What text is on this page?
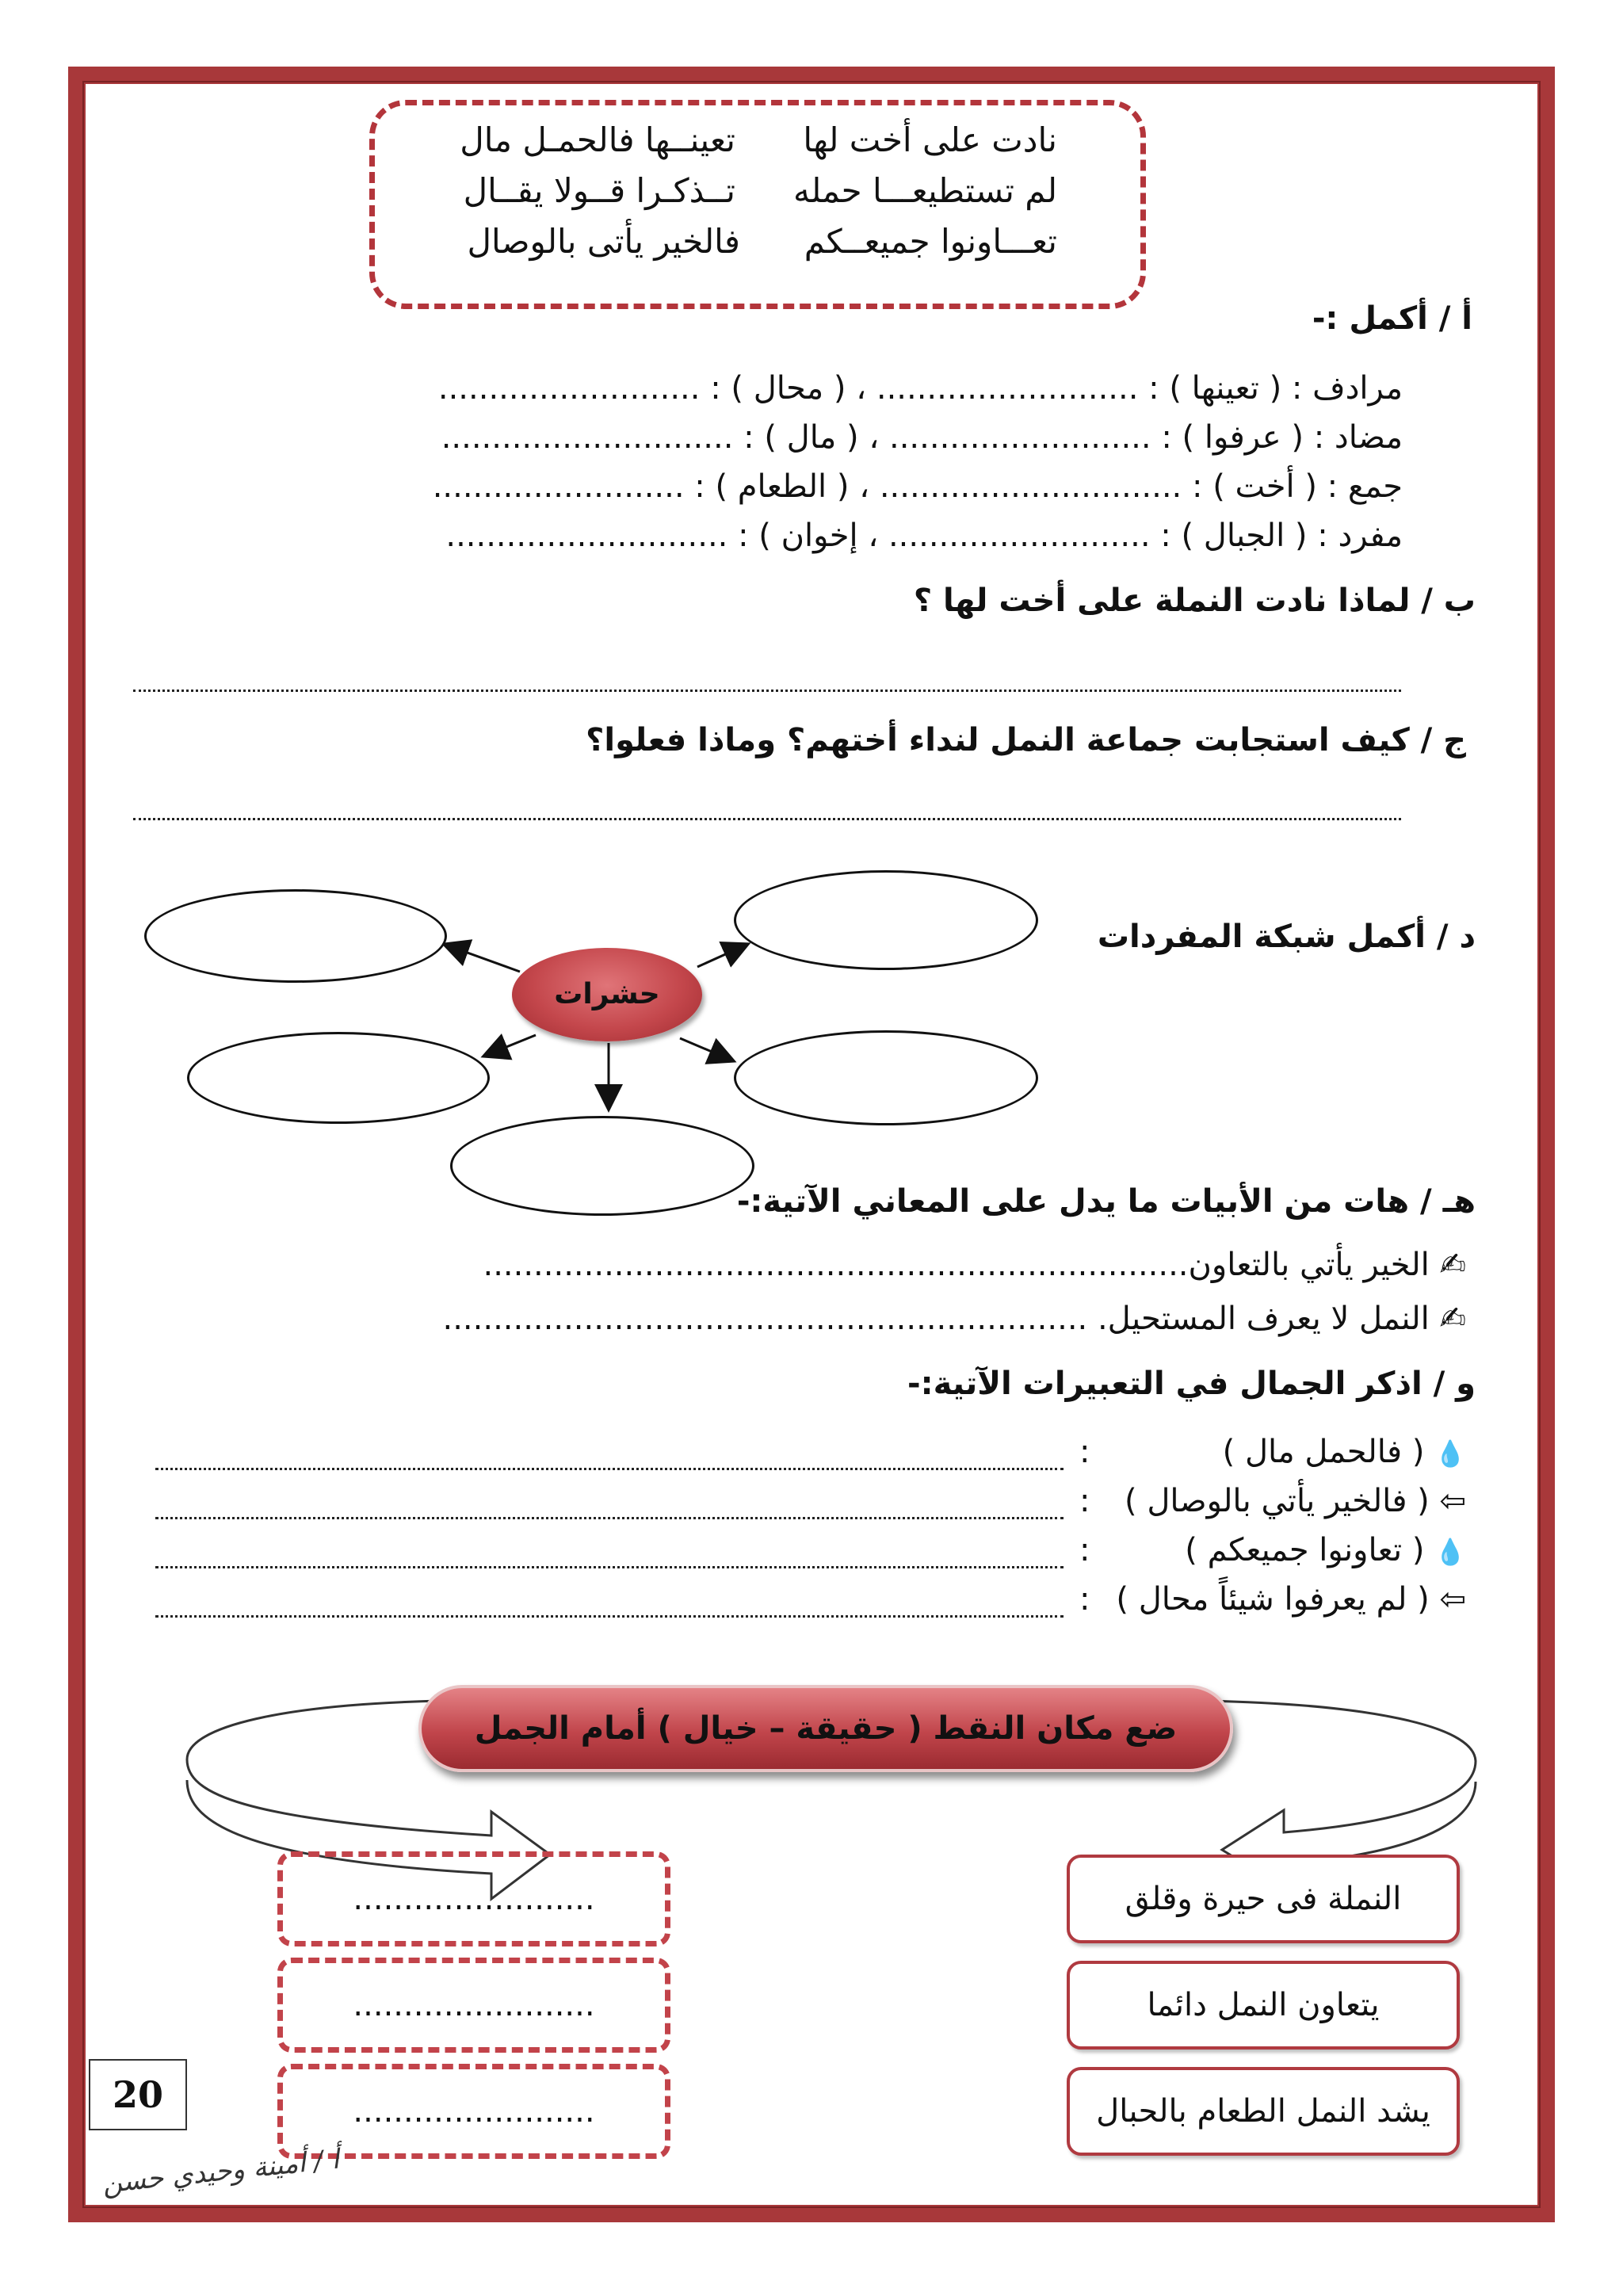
نادت على أخت لها
تعينــها فالحمـل مال
لم تستطيعـــا حمله
تــذكـرا قــولا يقــال
تعـــاونوا جميعــكم
فالخير يأتى بالوصال
أ / أكمل :-
مرادف : ( تعينها ) : .......................... ، ( محال ) : ..........................
مضاد : ( عرفوا ) : .......................... ، ( مال ) : .............................
جمع : ( أخت ) : .............................. ، ( الطعام ) : .........................
مفرد : ( الجبال ) : .......................... ، إخوان ) : ............................
ب / لماذا نادت النملة على أخت لها ؟
ج / كيف استجابت جماعة النمل لنداء أختهم؟ وماذا فعلوا؟
د / أكمل شبكة المفردات
حشرات
هـ / هات من الأبيات ما يدل على المعاني الآتية:-
✍ الخير يأتي بالتعاون......................................................................
✍ النمل لا يعرف المستحيل. ................................................................
و / اذكر الجمال في التعبيرات الآتية:-
💧 ( فالحمل مال )
⇦ ( فالخير يأتي بالوصال )
💧 ( تعاونوا جميعكم )
⇦ ( لم يعرفوا شيئاً محال )
:
:
:
:
ضع مكان النقط ( حقيقة – خيال ) أمام الجمل
النملة فى حيرة وقلق
يتعاون النمل دائما
يشد النمل الطعام بالحبال
........................
........................
........................
20
أ / أمينة وحيدي حسن
